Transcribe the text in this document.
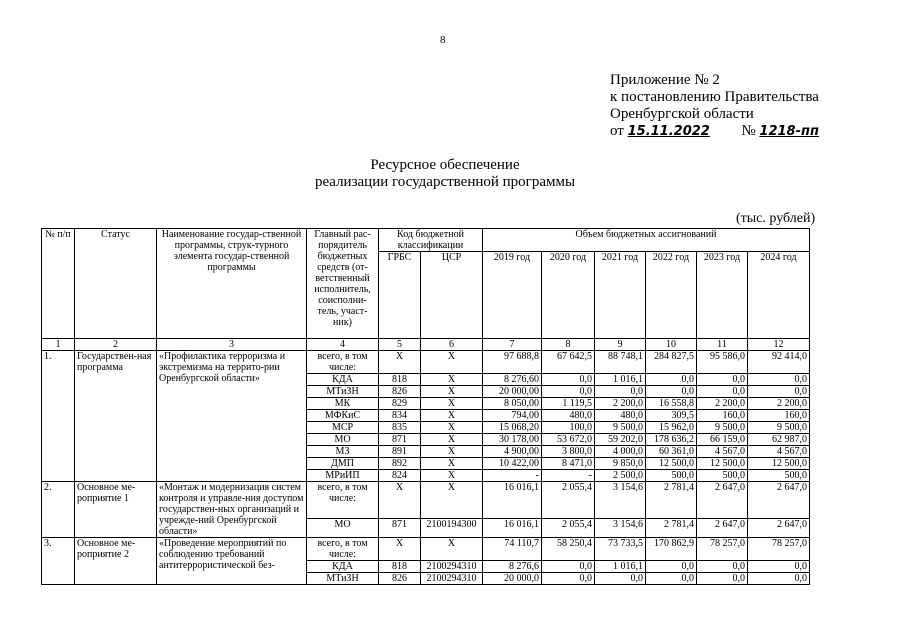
8
Приложение № 2
к постановлению Правительства
Оренбургской области
от 15.11.2022 № 1218-пп
Ресурсное обеспечение
реализации государственной программы
(тыс. рублей)
№ п/п	Статус	Наименование государ-ственной программы, струк-турного элемента государ-ственной программы	Главный рас-порядитель бюджетных средств (от-ветственный исполнитель, соисполни-тель, участ-ник)	Код бюджетной классификации		Объем бюджетных ассигнований					
				ГРБС	ЦСР	2019 год	2020 год	2021 год	2022 год	2023 год	2024 год
1	2	3	4	5	6	7	8	9	10	11	12
1.	Государствен-ная программа	«Профилактика терроризма и экстремизма на террито-рии Оренбургской области»	всего, в том числе:	X	X	97 688,8	67 642,5	88 748,1	284 827,5	95 586,0	92 414,0
			КДА	818	X	8 276,60	0,0	1 016,1	0,0	0,0	0,0
			МТиЗН	826	X	20 000,00	0,0	0,0	0,0	0,0	0,0
			МК	829	X	8 050,00	1 119,5	2 200,0	16 558,8	2 200,0	2 200,0
			МФКиС	834	X	794,00	480,0	480,0	309,5	160,0	160,0
			МСР	835	X	15 068,20	100,0	9 500,0	15 962,0	9 500,0	9 500,0
			МО	871	X	30 178,00	53 672,0	59 202,0	178 636,2	66 159,0	62 987,0
			МЗ	891	X	4 900,00	3 800,0	4 000,0	60 361,0	4 567,0	4 567,0
			ДМП	892	X	10 422,00	8 471,0	9 850,0	12 500,0	12 500,0	12 500,0
			МРиИП	824	X	-	-	2 500,0	500,0	500,0	500,0
2.	Основное ме-роприятие 1	«Монтаж и модернизация систем контроля и управле-ния доступом государствен-ных организаций и учрежде-ний Оренбургской области»	всего, в том числе:	X	X	16 016,1	2 055,4	3 154,6	2 781,4	2 647,0	2 647,0
			МО	871	2100194300	16 016,1	2 055,4	3 154,6	2 781,4	2 647,0	2 647,0
3.	Основное ме-роприятие 2	«Проведение мероприятий по соблюдению требований антитеррористической без-	всего, в том числе:	X	X	74 110,7	58 250,4	73 733,5	170 862,9	78 257,0	78 257,0
			КДА	818	2100294310	8 276,6	0,0	1 016,1	0,0	0,0	0,0
			МТиЗН	826	2100294310	20 000,0	0,0	0,0	0,0	0,0	0,0
